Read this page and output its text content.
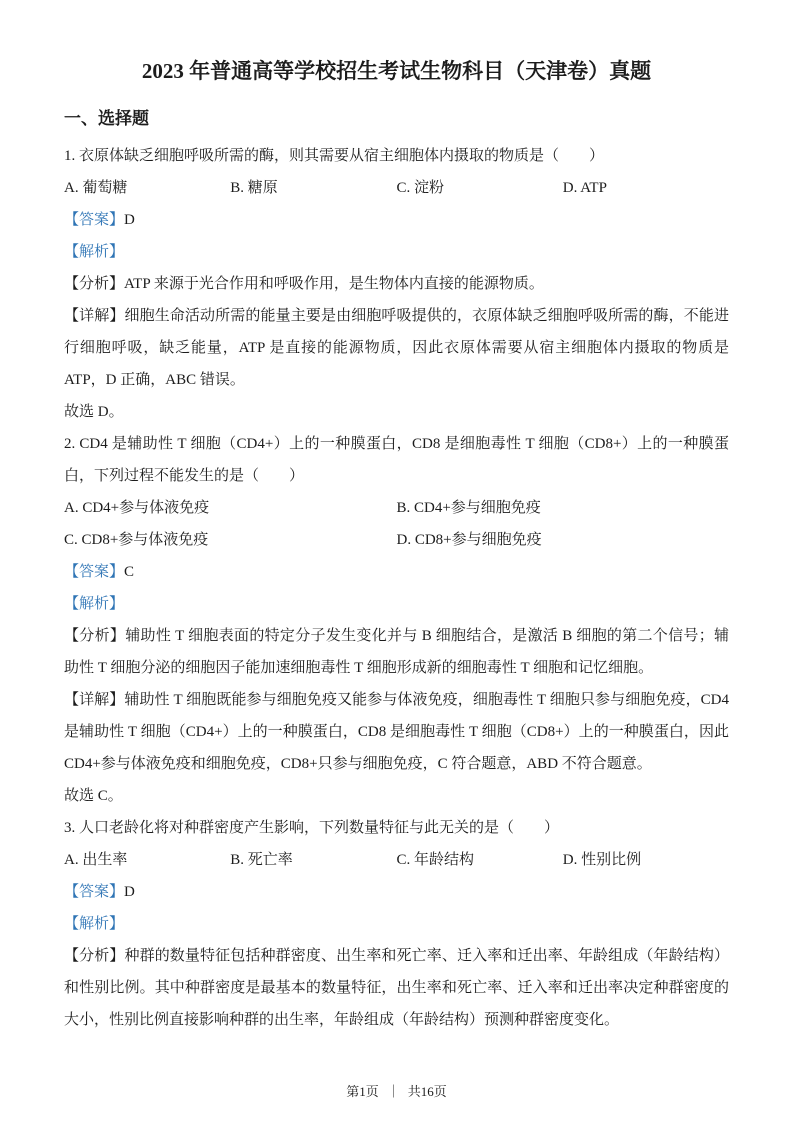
2023 年普通高等学校招生考试生物科目（天津卷）真题
一、选择题

1. 衣原体缺乏细胞呼吸所需的酶，则其需要从宿主细胞体内摄取的物质是（　　）

A. 葡萄糖	B. 糖原	C. 淀粉	D. ATP

【答案】D

【解析】

【分析】ATP 来源于光合作用和呼吸作用，是生物体内直接的能源物质。

【详解】细胞生命活动所需的能量主要是由细胞呼吸提供的，衣原体缺乏细胞呼吸所需的酶，不能进行细胞呼吸，缺乏能量，ATP 是直接的能源物质，因此衣原体需要从宿主细胞体内摄取的物质是 ATP，D 正确，ABC 错误。

故选 D。

2. CD4 是辅助性 T 细胞（CD4+）上的一种膜蛋白，CD8 是细胞毒性 T 细胞（CD8+）上的一种膜蛋白，下列过程不能发生的是（　　）

A. CD4+参与体液免疫	B. CD4+参与细胞免疫
C. CD8+参与体液免疫	D. CD8+参与细胞免疫

【答案】C

【解析】

【分析】辅助性 T 细胞表面的特定分子发生变化并与 B 细胞结合，是激活 B 细胞的第二个信号；辅助性 T 细胞分泌的细胞因子能加速细胞毒性 T 细胞形成新的细胞毒性 T 细胞和记忆细胞。

【详解】辅助性 T 细胞既能参与细胞免疫又能参与体液免疫，细胞毒性 T 细胞只参与细胞免疫，CD4 是辅助性 T 细胞（CD4+）上的一种膜蛋白，CD8 是细胞毒性 T 细胞（CD8+）上的一种膜蛋白，因此 CD4+参与体液免疫和细胞免疫，CD8+只参与细胞免疫，C 符合题意，ABD 不符合题意。

故选 C。

3. 人口老龄化将对种群密度产生影响，下列数量特征与此无关的是（　　）

A. 出生率	B. 死亡率	C. 年龄结构	D. 性别比例

【答案】D

【解析】

【分析】种群的数量特征包括种群密度、出生率和死亡率、迁入率和迁出率、年龄组成（年龄结构）和性别比例。其中种群密度是最基本的数量特征，出生率和死亡率、迁入率和迁出率决定种群密度的大小，性别比例直接影响种群的出生率，年龄组成（年龄结构）预测种群密度变化。

第1页 ｜ 共16页
